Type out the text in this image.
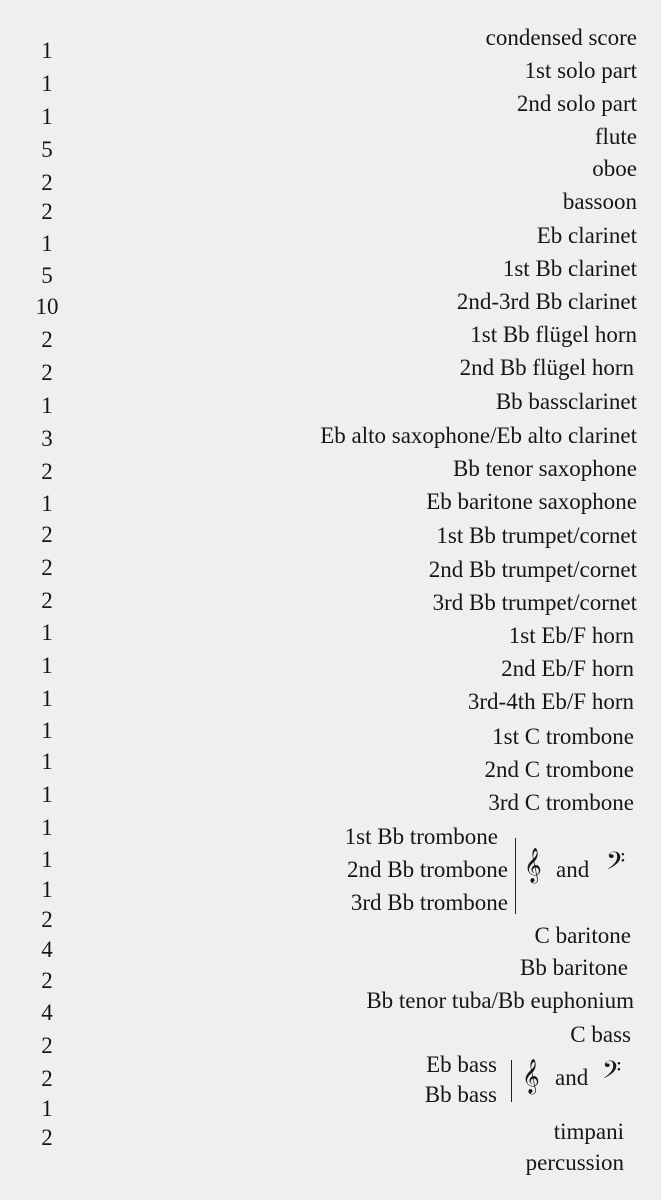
1
1
1
5
2
2
1
5
10
2
2
1
3
2
1
2
2
2
1
1
1
1
1
1
1
1
1
2
4
2
4
2
2
1
2
condensed score
1st solo part
2nd solo part
flute
oboe
bassoon
Eb clarinet
1st Bb clarinet
2nd-3rd Bb clarinet
1st Bb flügel horn
2nd Bb flügel horn
Bb bassclarinet
Eb alto saxophone/Eb alto clarinet
Bb tenor saxophone
Eb baritone saxophone
1st Bb trumpet/cornet
2nd Bb trumpet/cornet
3rd Bb trumpet/cornet
1st Eb/F horn
2nd Eb/F horn
3rd-4th Eb/F horn
1st C trombone
2nd C trombone
3rd C trombone
1st Bb trombone
2nd Bb trombone
3rd Bb trombone
𝄞 and 𝄢
C baritone
Bb baritone
Bb tenor tuba/Bb euphonium
C bass
Eb bass
Bb bass
𝄞 and 𝄢
timpani
percussion
